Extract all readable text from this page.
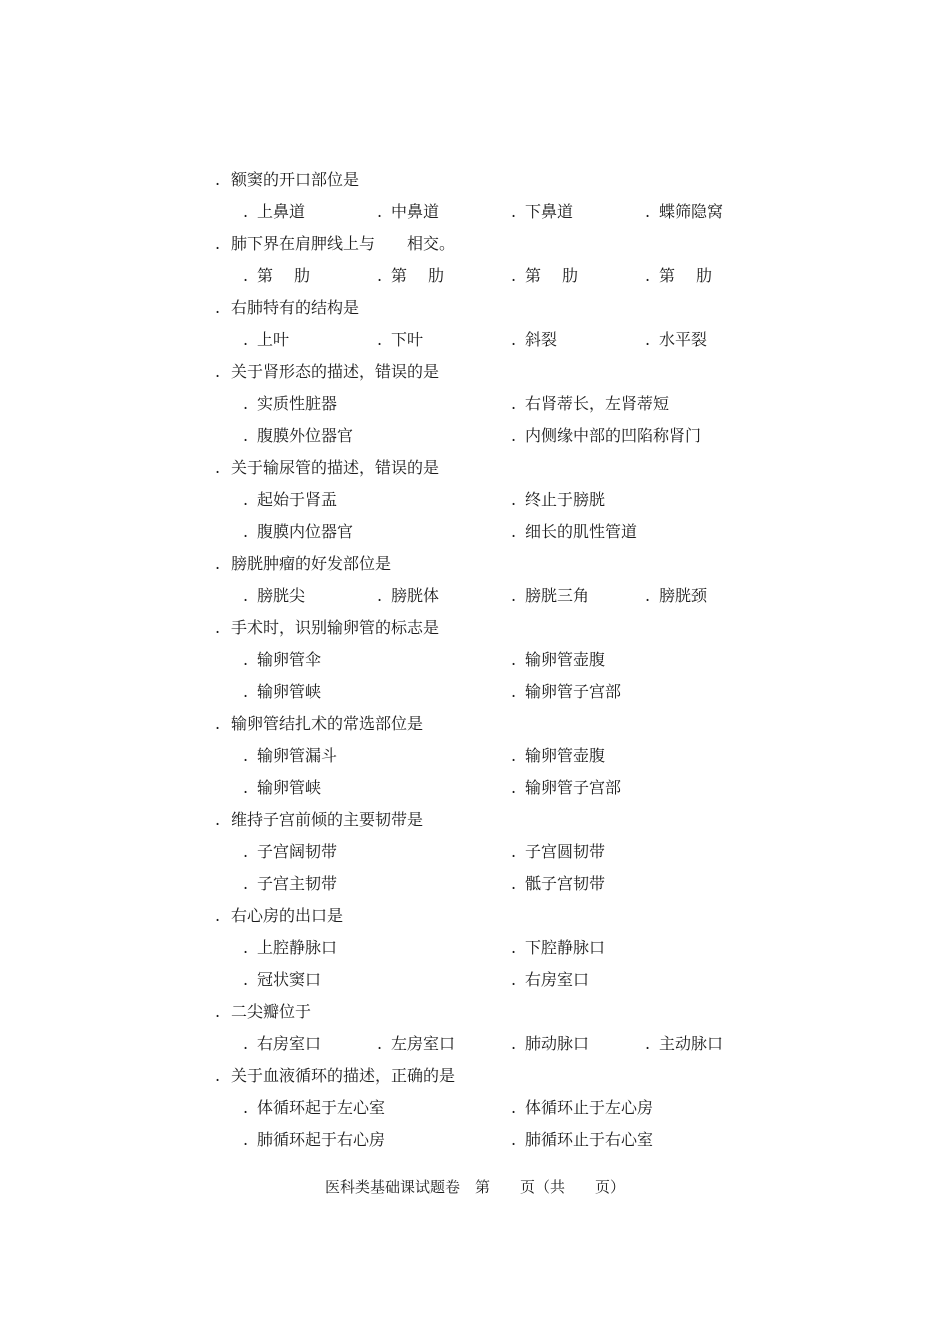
. 额窦的开口部位是
. 上鼻道	. 中鼻道	. 下鼻道	. 蝶筛隐窝
. 肺下界在肩胛线上与　　相交。
. 第　 肋	. 第　 肋	. 第　 肋	. 第　 肋
. 右肺特有的结构是
. 上叶	. 下叶	. 斜裂	. 水平裂
. 关于肾形态的描述，错误的是
. 实质性脏器	. 右肾蒂长，左肾蒂短
. 腹膜外位器官	. 内侧缘中部的凹陷称肾门
. 关于输尿管的描述，错误的是
. 起始于肾盂	. 终止于膀胱
. 腹膜内位器官	. 细长的肌性管道
. 膀胱肿瘤的好发部位是
. 膀胱尖	. 膀胱体	. 膀胱三角	. 膀胱颈
. 手术时，识别输卵管的标志是
. 输卵管伞	. 输卵管壶腹
. 输卵管峡	. 输卵管子宫部
. 输卵管结扎术的常选部位是
. 输卵管漏斗	. 输卵管壶腹
. 输卵管峡	. 输卵管子宫部
. 维持子宫前倾的主要韧带是
. 子宫阔韧带	. 子宫圆韧带
. 子宫主韧带	. 骶子宫韧带
. 右心房的出口是
. 上腔静脉口	. 下腔静脉口
. 冠状窦口	. 右房室口
. 二尖瓣位于
. 右房室口	. 左房室口	. 肺动脉口	. 主动脉口
. 关于血液循环的描述，正确的是
. 体循环起于左心室	. 体循环止于左心房
. 肺循环起于右心房	. 肺循环止于右心室
医科类基础课试题卷　第　　页（共　　页）
